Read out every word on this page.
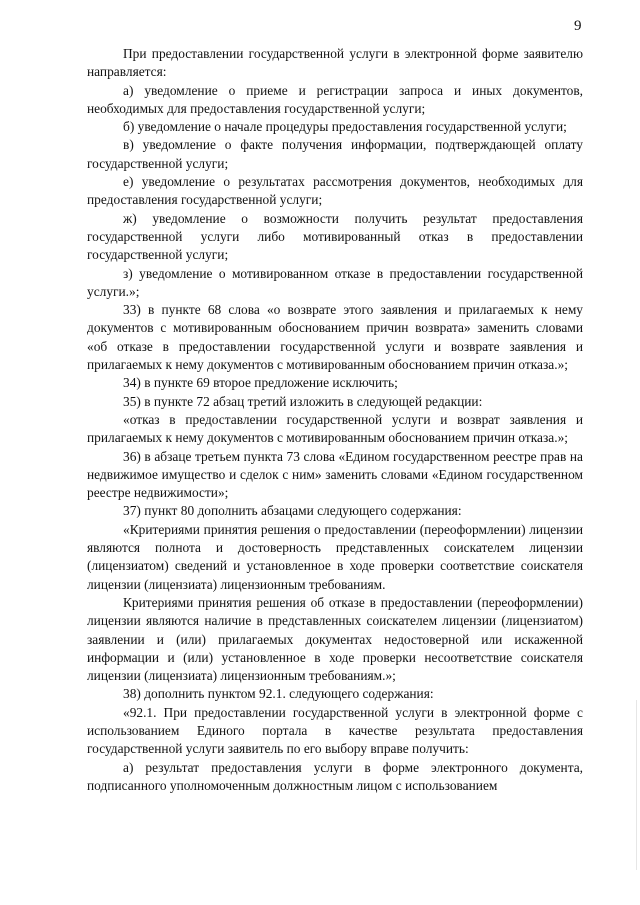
9

При предоставлении государственной услуги в электронной форме заявителю направляется:

а) уведомление о приеме и регистрации запроса и иных документов, необходимых для предоставления государственной услуги;

б) уведомление о начале процедуры предоставления государственной услуги;

в) уведомление о факте получения информации, подтверждающей оплату государственной услуги;

е) уведомление о результатах рассмотрения документов, необходимых для предоставления государственной услуги;

ж) уведомление о возможности получить результат предоставления государственной услуги либо мотивированный отказ в предоставлении государственной услуги;

з) уведомление о мотивированном отказе в предоставлении государственной услуги.»;

33) в пункте 68 слова «о возврате этого заявления и прилагаемых к нему документов с мотивированным обоснованием причин возврата» заменить словами «об отказе в предоставлении государственной услуги и возврате заявления и прилагаемых к нему документов с мотивированным обоснованием причин отказа.»;

34) в пункте 69 второе предложение исключить;

35) в пункте 72 абзац третий изложить в следующей редакции:

«отказ в предоставлении государственной услуги и возврат заявления и прилагаемых к нему документов с мотивированным обоснованием причин отказа.»;

36) в абзаце третьем пункта 73 слова «Едином государственном реестре прав на недвижимое имущество и сделок с ним» заменить словами «Едином государственном реестре недвижимости»;

37) пункт 80 дополнить абзацами следующего содержания:

«Критериями принятия решения о предоставлении (переоформлении) лицензии являются полнота и достоверность представленных соискателем лицензии (лицензиатом) сведений и установленное в ходе проверки соответствие соискателя лицензии (лицензиата) лицензионным требованиям.

Критериями принятия решения об отказе в предоставлении (переоформлении) лицензии являются наличие в представленных соискателем лицензии (лицензиатом) заявлении и (или) прилагаемых документах недостоверной или искаженной информации и (или) установленное в ходе проверки несоответствие соискателя лицензии (лицензиата) лицензионным требованиям.»;

38) дополнить пунктом 92.1. следующего содержания:

«92.1. При предоставлении государственной услуги в электронной форме с использованием Единого портала в качестве результата предоставления государственной услуги заявитель по его выбору вправе получить:

а) результат предоставления услуги в форме электронного документа, подписанного уполномоченным должностным лицом с использованием
